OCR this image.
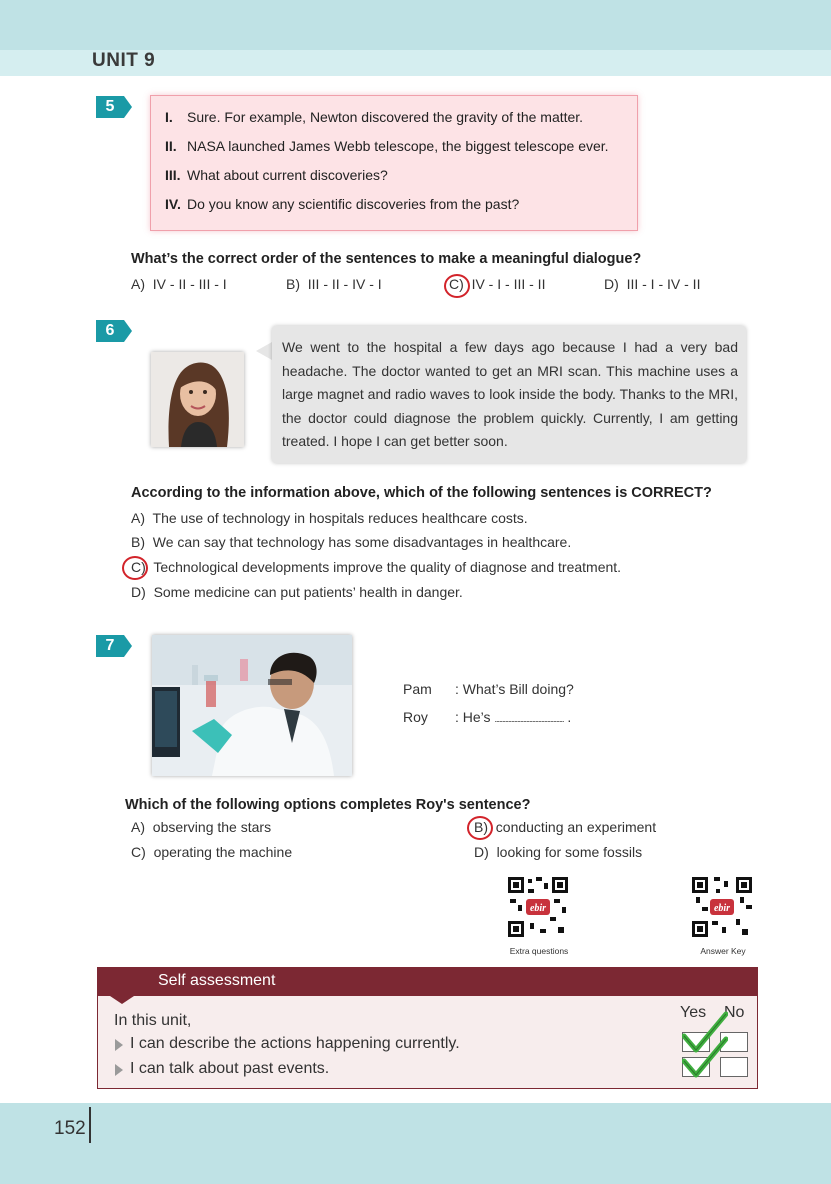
UNIT 9
5
I. Sure. For example, Newton discovered the gravity of the matter.
II. NASA launched James Webb telescope, the biggest telescope ever.
III. What about current discoveries?
IV. Do you know any scientific discoveries from the past?
What’s the correct order of the sentences to make a meaningful dialogue?
A) IV - II - III - I	B) III - II - IV - I	C) IV - I - III - II	D) III - I - IV - II
6
We went to the hospital a few days ago because I had a very bad headache. The doctor wanted to get an MRI scan. This machine uses a large magnet and radio waves to look inside the body. Thanks to the MRI, the doctor could diagnose the problem quickly. Currently, I am getting treated. I hope I can get better soon.
According to the information above, which of the following sentences is CORRECT?
A) The use of technology in hospitals reduces healthcare costs.
B) We can say that technology has some disadvantages in healthcare.
C) Technological developments improve the quality of diagnose and treatment.
D) Some medicine can put patients’ health in danger.
7
Pam : What’s Bill doing?
Roy : He’s .............................................. .
Which of the following options completes Roy's sentence?
A) observing the stars	B) conducting an experiment
C) operating the machine	D) looking for some fossils
ebir
Extra questions
ebir
Answer Key
Self assessment
In this unit,	Yes No
I can describe the actions happening currently.
I can talk about past events.
152
